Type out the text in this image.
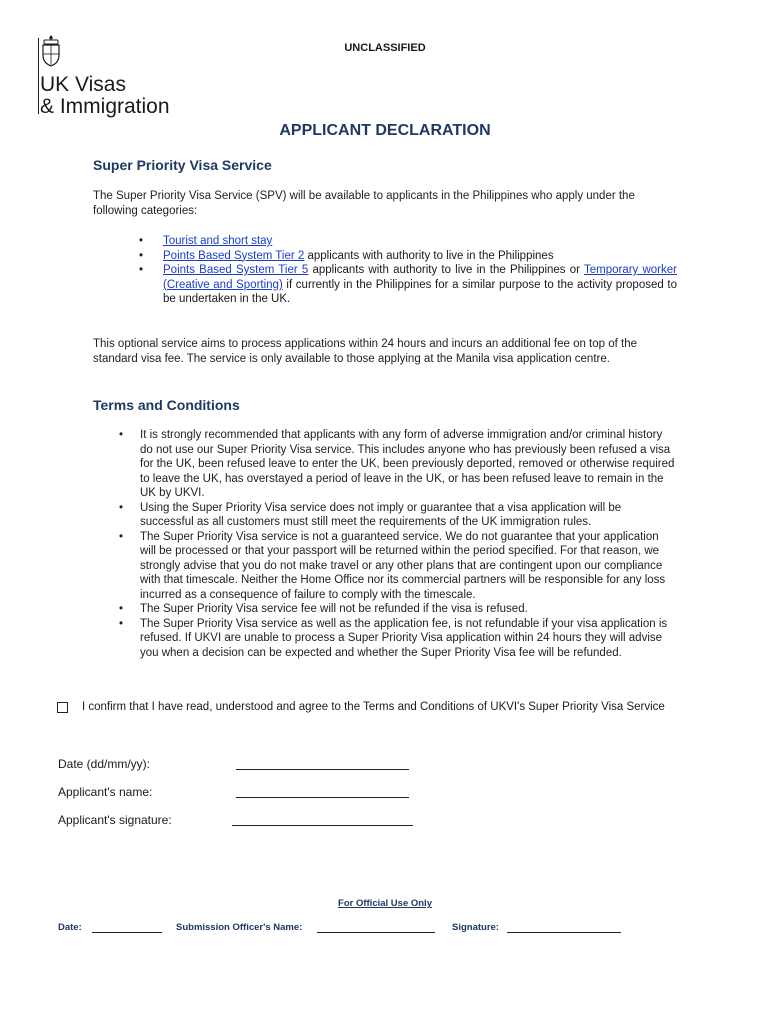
UK Visas
& Immigration
UNCLASSIFIED
APPLICANT DECLARATION
Super Priority Visa Service
The Super Priority Visa Service (SPV) will be available to applicants in the Philippines who apply under the following categories:
• Tourist and short stay
• Points Based System Tier 2 applicants with authority to live in the Philippines
• Points Based System Tier 5 applicants with authority to live in the Philippines or Temporary worker (Creative and Sporting) if currently in the Philippines for a similar purpose to the activity proposed to be undertaken in the UK.
This optional service aims to process applications within 24 hours and incurs an additional fee on top of the standard visa fee. The service is only available to those applying at the Manila visa application centre.
Terms and Conditions
• It is strongly recommended that applicants with any form of adverse immigration and/or criminal history do not use our Super Priority Visa service. This includes anyone who has previously been refused a visa for the UK, been refused leave to enter the UK, been previously deported, removed or otherwise required to leave the UK, has overstayed a period of leave in the UK, or has been refused leave to remain in the UK by UKVI.
• Using the Super Priority Visa service does not imply or guarantee that a visa application will be successful as all customers must still meet the requirements of the UK immigration rules.
• The Super Priority Visa service is not a guaranteed service. We do not guarantee that your application will be processed or that your passport will be returned within the period specified. For that reason, we strongly advise that you do not make travel or any other plans that are contingent upon our compliance with that timescale. Neither the Home Office nor its commercial partners will be responsible for any loss incurred as a consequence of failure to comply with the timescale.
• The Super Priority Visa service fee will not be refunded if the visa is refused.
• The Super Priority Visa service as well as the application fee, is not refundable if your visa application is refused. If UKVI are unable to process a Super Priority Visa application within 24 hours they will advise you when a decision can be expected and whether the Super Priority Visa fee will be refunded.
I confirm that I have read, understood and agree to the Terms and Conditions of UKVI's Super Priority Visa Service
Date (dd/mm/yy):
Applicant's name:
Applicant's signature:
For Official Use Only
Date:	Submission Officer's Name:	Signature:
